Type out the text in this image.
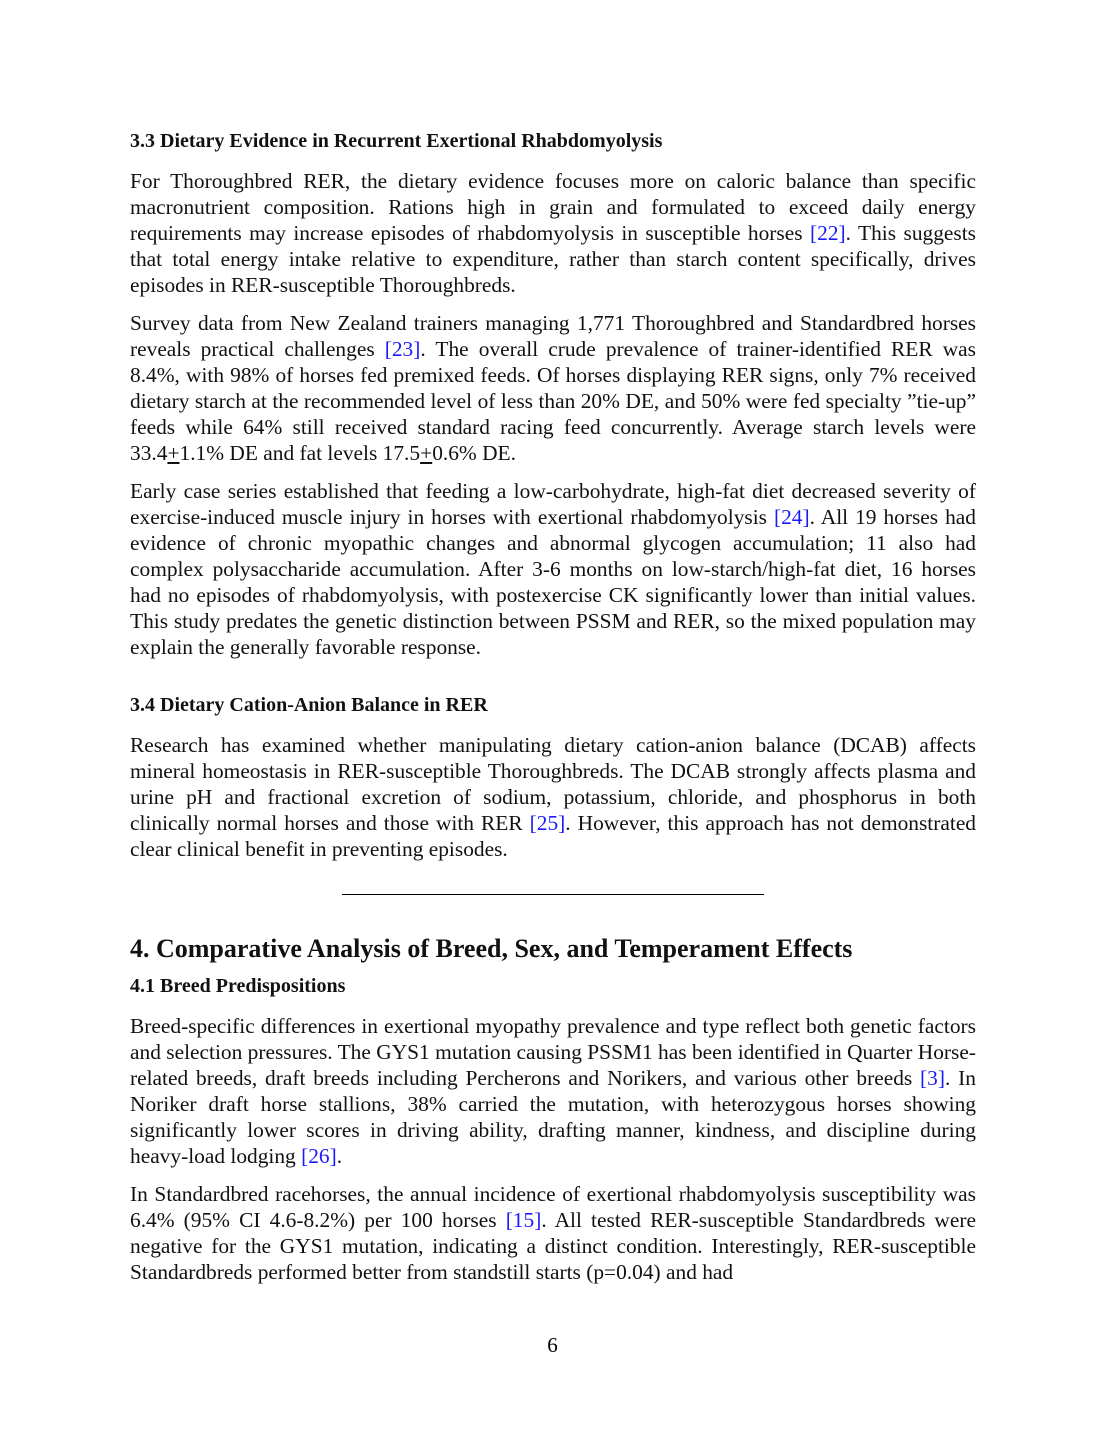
3.3 Dietary Evidence in Recurrent Exertional Rhabdomyolysis

For Thoroughbred RER, the dietary evidence focuses more on caloric balance than specific macronutrient composition. Rations high in grain and formulated to exceed daily energy requirements may increase episodes of rhabdomyolysis in susceptible horses [22]. This suggests that total energy intake relative to expenditure, rather than starch content specifically, drives episodes in RER-susceptible Thoroughbreds.

Survey data from New Zealand trainers managing 1,771 Thoroughbred and Standardbred horses reveals practical challenges [23]. The overall crude prevalence of trainer-identified RER was 8.4%, with 98% of horses fed premixed feeds. Of horses displaying RER signs, only 7% received dietary starch at the recommended level of less than 20% DE, and 50% were fed specialty ”tie-up” feeds while 64% still received standard racing feed concurrently. Average starch levels were 33.4+1.1% DE and fat levels 17.5+0.6% DE.

Early case series established that feeding a low-carbohydrate, high-fat diet decreased severity of exercise-induced muscle injury in horses with exertional rhabdomyolysis [24]. All 19 horses had evidence of chronic myopathic changes and abnormal glycogen accumulation; 11 also had complex polysaccharide accumulation. After 3-6 months on low-starch/high-fat diet, 16 horses had no episodes of rhabdomyolysis, with postexercise CK significantly lower than initial values. This study predates the genetic distinction between PSSM and RER, so the mixed population may explain the generally favorable response.

3.4 Dietary Cation-Anion Balance in RER

Research has examined whether manipulating dietary cation-anion balance (DCAB) affects mineral homeostasis in RER-susceptible Thoroughbreds. The DCAB strongly affects plasma and urine pH and fractional excretion of sodium, potassium, chloride, and phosphorus in both clinically normal horses and those with RER [25]. However, this approach has not demonstrated clear clinical benefit in preventing episodes.

4. Comparative Analysis of Breed, Sex, and Temperament Effects
4.1 Breed Predispositions

Breed-specific differences in exertional myopathy prevalence and type reflect both genetic factors and selection pressures. The GYS1 mutation causing PSSM1 has been identified in Quarter Horse-related breeds, draft breeds including Percherons and Norikers, and various other breeds [3]. In Noriker draft horse stallions, 38% carried the mutation, with heterozygous horses showing significantly lower scores in driving ability, drafting manner, kindness, and discipline during heavy-load lodging [26].

In Standardbred racehorses, the annual incidence of exertional rhabdomyolysis susceptibility was 6.4% (95% CI 4.6-8.2%) per 100 horses [15]. All tested RER-susceptible Standardbreds were negative for the GYS1 mutation, indicating a distinct condition. Interestingly, RER-susceptible Standardbreds performed better from standstill starts (p=0.04) and had

6
